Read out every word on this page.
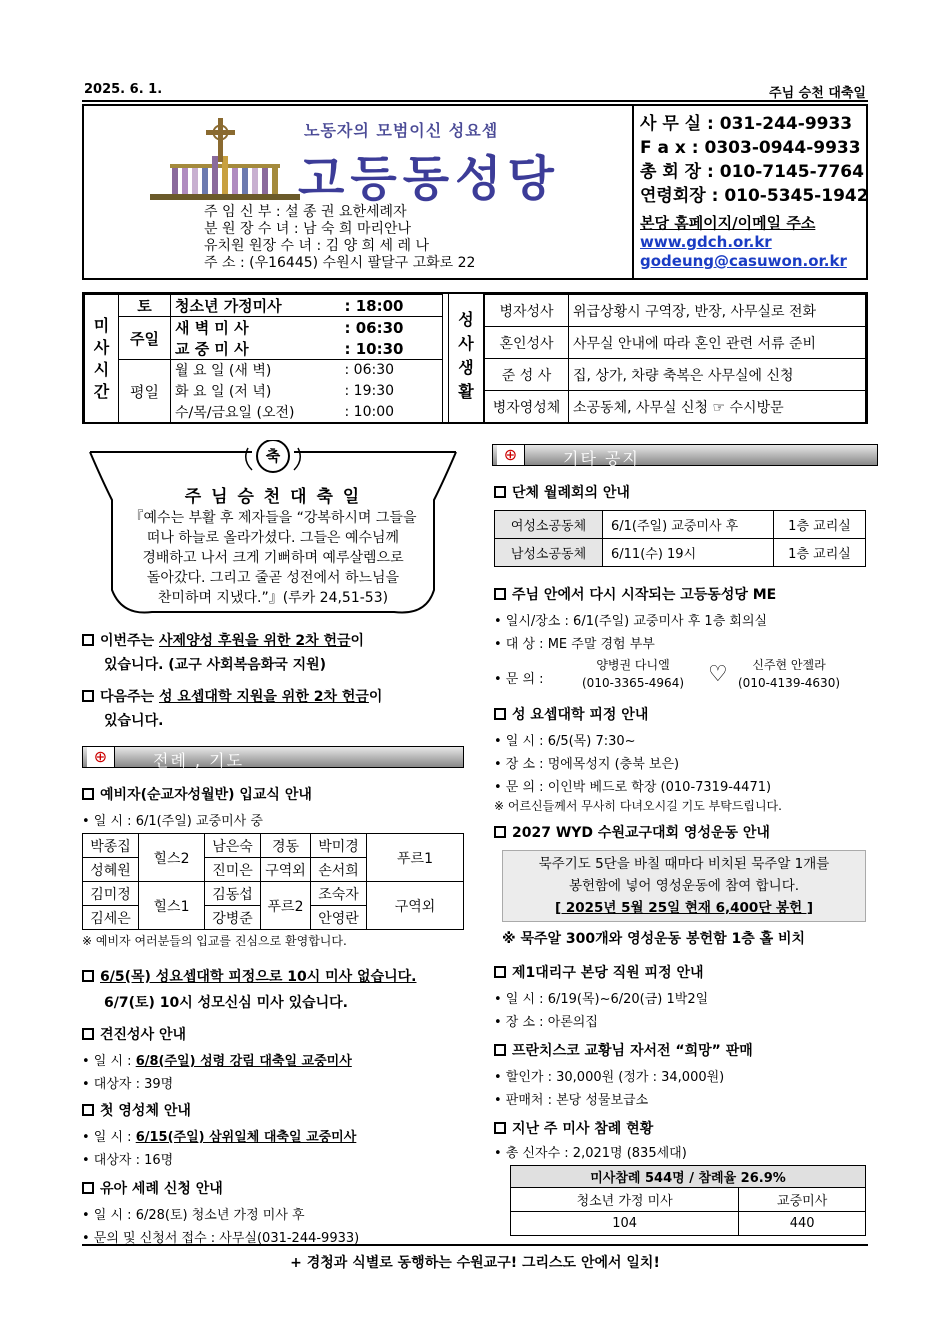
2025. 6. 1.	주님 승천 대축일
노동자의 모범이신 성요셉
고등동성당
주 임 신 부 : 설 종 권 요한세례자
분 원 장 수 녀 : 남 숙 희 마리안나
유치원 원장 수 녀 : 김 양 희 세 레 나
주 소 : (우16445) 수원시 팔달구 고화로 22
사 무 실 : 031-244-9933
F a x : 0303-0944-9933
총 회 장 : 010-7145-7764
연령회장 : 010-5345-1942
본당 홈페이지/이메일 주소
www.gdch.or.kr
godeung@casuwon.or.kr
미사시간	토	청소년 가정미사	: 18:00
	주일	새 벽 미 사	: 06:30
		교 중 미 사	: 10:30
	평일	월 요 일 (새 벽)	: 06:30
		화 요 일 (저 녁)	: 19:30
		수/목/금요일 (오전)	: 10:00
성사생활
병자성사	위급상황시 구역장, 반장, 사무실로 전화
혼인성사	사무실 안내에 따라 혼인 관련 서류 준비
준 성 사	집, 상가, 차량 축복은 사무실에 신청
병자영성체	소공동체, 사무실 신청 ☞ 수시방문
축
주 님 승 천 대 축 일
『예수는 부활 후 제자들을 “강복하시며 그들을
떠나 하늘로 올라가셨다. 그들은 예수님께
경배하고 나서 크게 기뻐하며 예루살렘으로
돌아갔다. 그리고 줄곧 성전에서 하느님을
찬미하며 지냈다.”』(루카 24,51-53)
이번주는 사제양성 후원을 위한 2차 헌금이
있습니다. (교구 사회복음화국 지원)
다음주는 성 요셉대학 지원을 위한 2차 헌금이
있습니다.
⊕	전례 , 기도
예비자(순교자성월반) 입교식 안내
• 일 시 : 6/1(주일) 교중미사 중
박종집	힐스2	남은숙	경동	박미경	푸르1
성혜원		진미은	구역외	손서희	
김미정	힐스1	김동섭	푸르2	조숙자	구역외
김세은		강병준		안영란	
※ 예비자 여러분들의 입교를 진심으로 환영합니다.
6/5(목) 성요셉대학 피정으로 10시 미사 없습니다.
6/7(토) 10시 성모신심 미사 있습니다.
견진성사 안내
• 일 시 : 6/8(주일) 성령 강림 대축일 교중미사
• 대상자 : 39명
첫 영성체 안내
• 일 시 : 6/15(주일) 삼위일체 대축일 교중미사
• 대상자 : 16명
유아 세례 신청 안내
• 일 시 : 6/28(토) 청소년 가정 미사 후
• 문의 및 신청서 접수 : 사무실(031-244-9933)
⊕	기타 공지
단체 월례회의 안내
여성소공동체	6/1(주일) 교중미사 후	1층 교리실
남성소공동체	6/11(수) 19시	1층 교리실
주님 안에서 다시 시작되는 고등동성당 ME
• 일시/장소 : 6/1(주일) 교중미사 후 1층 회의실
• 대 상 : ME 주말 경험 부부
• 문 의 :
양병권 다니엘
(010-3365-4964) ♡	신주현 안젤라
(010-4139-4630)
성 요셉대학 피정 안내
• 일 시 : 6/5(목) 7:30~
• 장 소 : 멍에목성지 (충북 보은)
• 문 의 : 이인박 베드로 학장 (010-7319-4471)
※ 어르신들께서 무사히 다녀오시길 기도 부탁드립니다.
2027 WYD 수원교구대회 영성운동 안내
묵주기도 5단을 바칠 때마다 비치된 묵주알 1개를
봉헌함에 넣어 영성운동에 참여 합니다.
[ 2025년 5월 25일 현재 6,400단 봉헌 ]
※ 묵주알 300개와 영성운동 봉헌함 1층 홀 비치
제1대리구 본당 직원 피정 안내
• 일 시 : 6/19(목)~6/20(금) 1박2일
• 장 소 : 아론의집
프란치스코 교황님 자서전 “희망” 판매
• 할인가 : 30,000원 (정가 : 34,000원)
• 판매처 : 본당 성물보급소
지난 주 미사 참례 현황
• 총 신자수 : 2,021명 (835세대)
미사참례 544명 / 참례율 26.9%	
청소년 가정 미사	교중미사
104	440
+ 경청과 식별로 동행하는 수원교구! 그리스도 안에서 일치!
